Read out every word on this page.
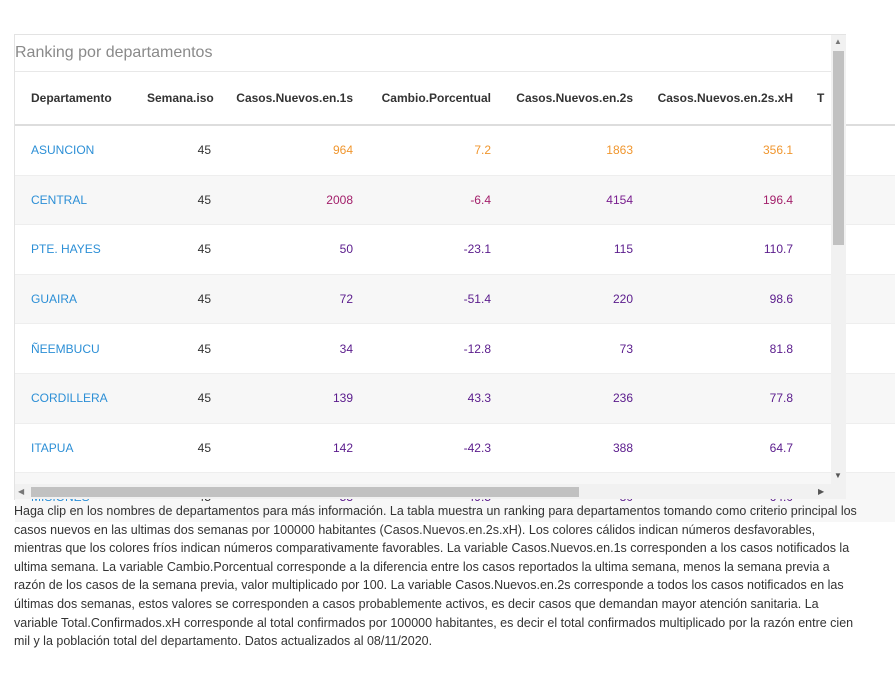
Ranking por departamentos
Departamento	Semana.iso	Casos.Nuevos.en.1s	Cambio.Porcentual	Casos.Nuevos.en.2s	Casos.Nuevos.en.2s.xH	T
ASUNCION	45	964	7.2	1863	356.1	
CENTRAL	45	2008	-6.4	4154	196.4	
PTE. HAYES	45	50	-23.1	115	110.7	
GUAIRA	45	72	-51.4	220	98.6	
ÑEEMBUCU	45	34	-12.8	73	81.8	
CORDILLERA	45	139	43.3	236	77.8	
ITAPUA	45	142	-42.3	388	64.7	

▲
▼
◀	▶
Haga clip en los nombres de departamentos para más información. La tabla muestra un ranking para departamentos tomando como criterio principal los casos nuevos en las ultimas dos semanas por 100000 habitantes (Casos.Nuevos.en.2s.xH). Los colores cálidos indican números desfavorables, mientras que los colores fríos indican números comparativamente favorables. La variable Casos.Nuevos.en.1s corresponden a los casos notificados la ultima semana. La variable Cambio.Porcentual corresponde a la diferencia entre los casos reportados la ultima semana, menos la semana previa a razón de los casos de la semana previa, valor multiplicado por 100. La variable Casos.Nuevos.en.2s corresponde a todos los casos notificados en las últimas dos semanas, estos valores se corresponden a casos probablemente activos, es decir casos que demandan mayor atención sanitaria. La variable Total.Confirmados.xH corresponde al total confirmados por 100000 habitantes, es decir el total confirmados multiplicado por la razón entre cien mil y la población total del departamento. Datos actualizados al 08/11/2020.
